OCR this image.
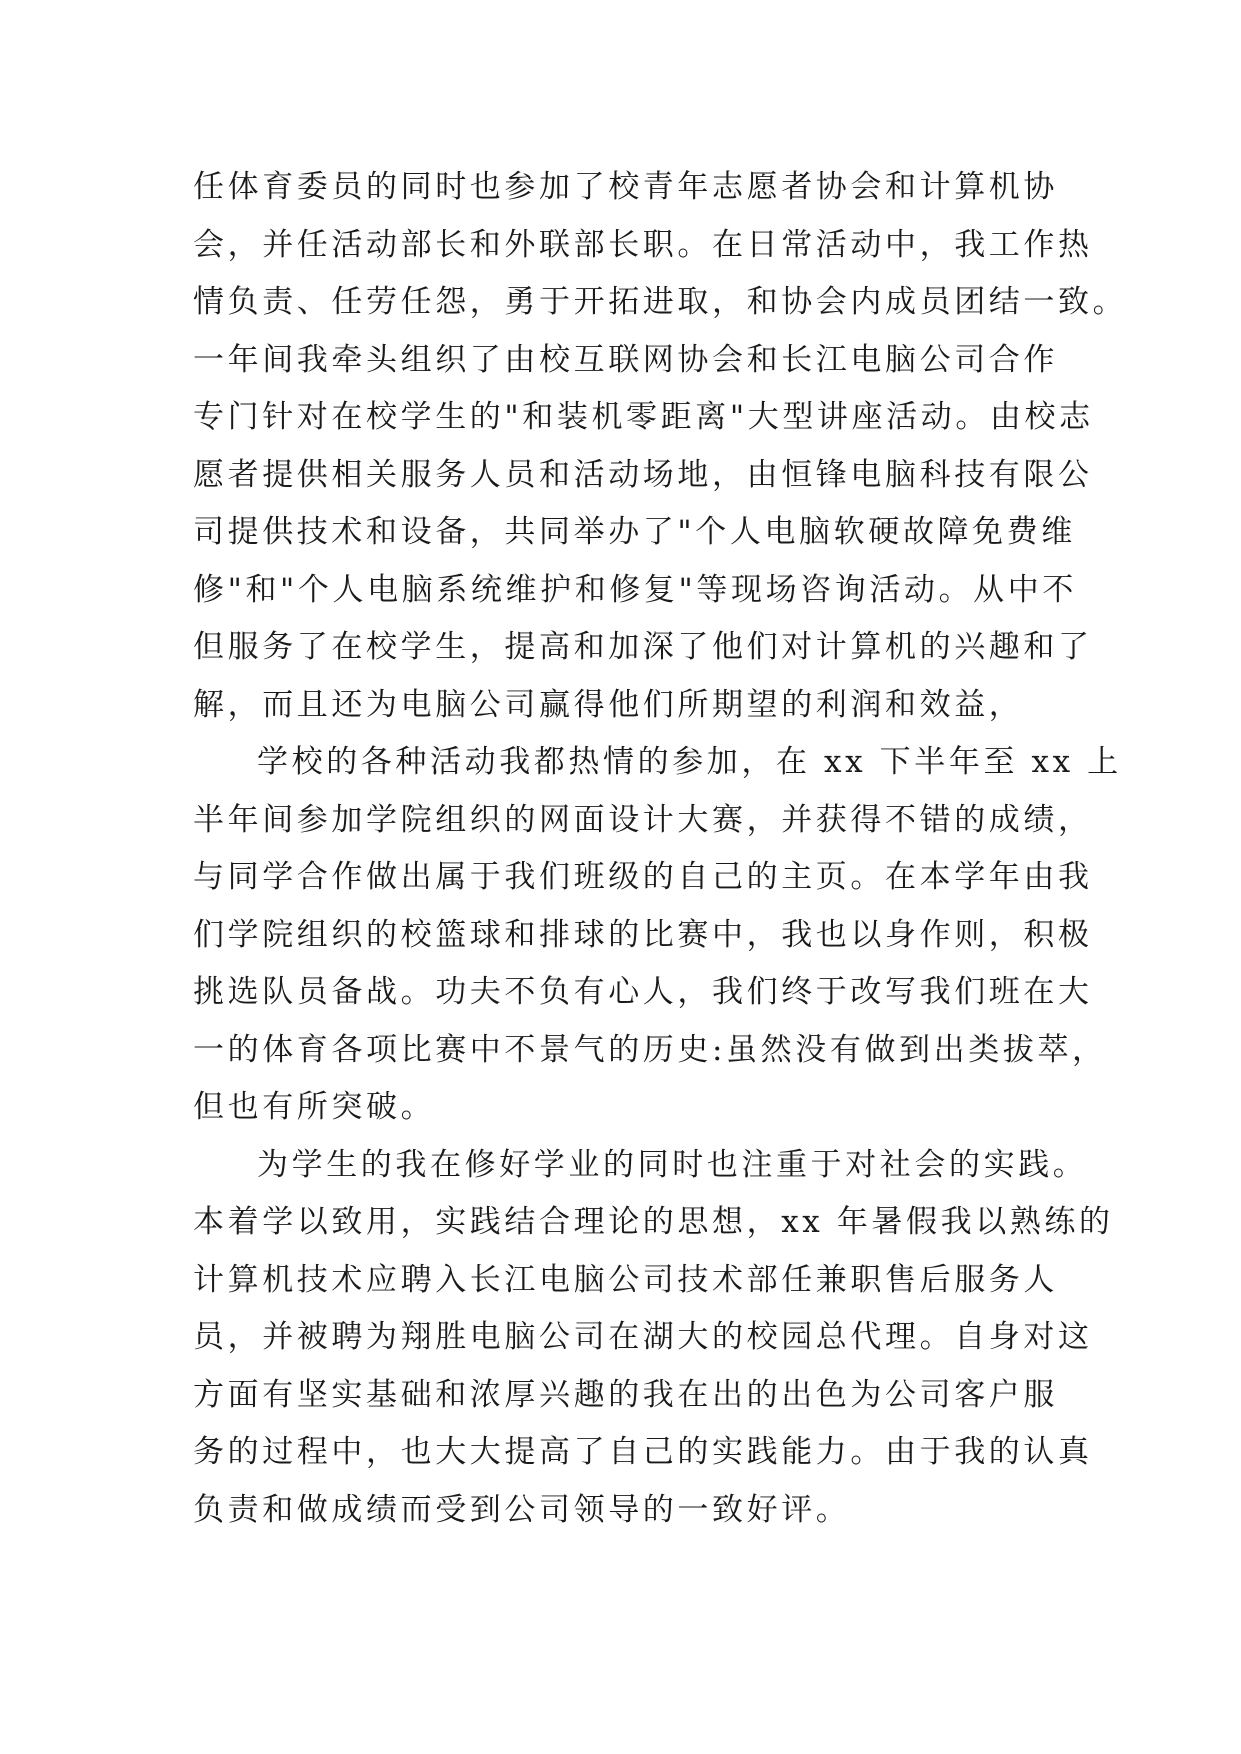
任体育委员的同时也参加了校青年志愿者协会和计算机协
会，并任活动部长和外联部长职。在日常活动中，我工作热
情负责、任劳任怨，勇于开拓进取，和协会内成员团结一致。
一年间我牵头组织了由校互联网协会和长江电脑公司合作
专门针对在校学生的"和装机零距离"大型讲座活动。由校志
愿者提供相关服务人员和活动场地，由恒锋电脑科技有限公
司提供技术和设备，共同举办了"个人电脑软硬故障免费维
修"和"个人电脑系统维护和修复"等现场咨询活动。从中不
但服务了在校学生，提高和加深了他们对计算机的兴趣和了
解，而且还为电脑公司赢得他们所期望的利润和效益，
学校的各种活动我都热情的参加，在 xx 下半年至 xx 上
半年间参加学院组织的网面设计大赛，并获得不错的成绩，
与同学合作做出属于我们班级的自己的主页。在本学年由我
们学院组织的校篮球和排球的比赛中，我也以身作则，积极
挑选队员备战。功夫不负有心人，我们终于改写我们班在大
一的体育各项比赛中不景气的历史:虽然没有做到出类拔萃，
但也有所突破。
为学生的我在修好学业的同时也注重于对社会的实践。
本着学以致用，实践结合理论的思想，xx 年暑假我以熟练的
计算机技术应聘入长江电脑公司技术部任兼职售后服务人
员，并被聘为翔胜电脑公司在湖大的校园总代理。自身对这
方面有坚实基础和浓厚兴趣的我在出的出色为公司客户服
务的过程中，也大大提高了自己的实践能力。由于我的认真
负责和做成绩而受到公司领导的一致好评。
